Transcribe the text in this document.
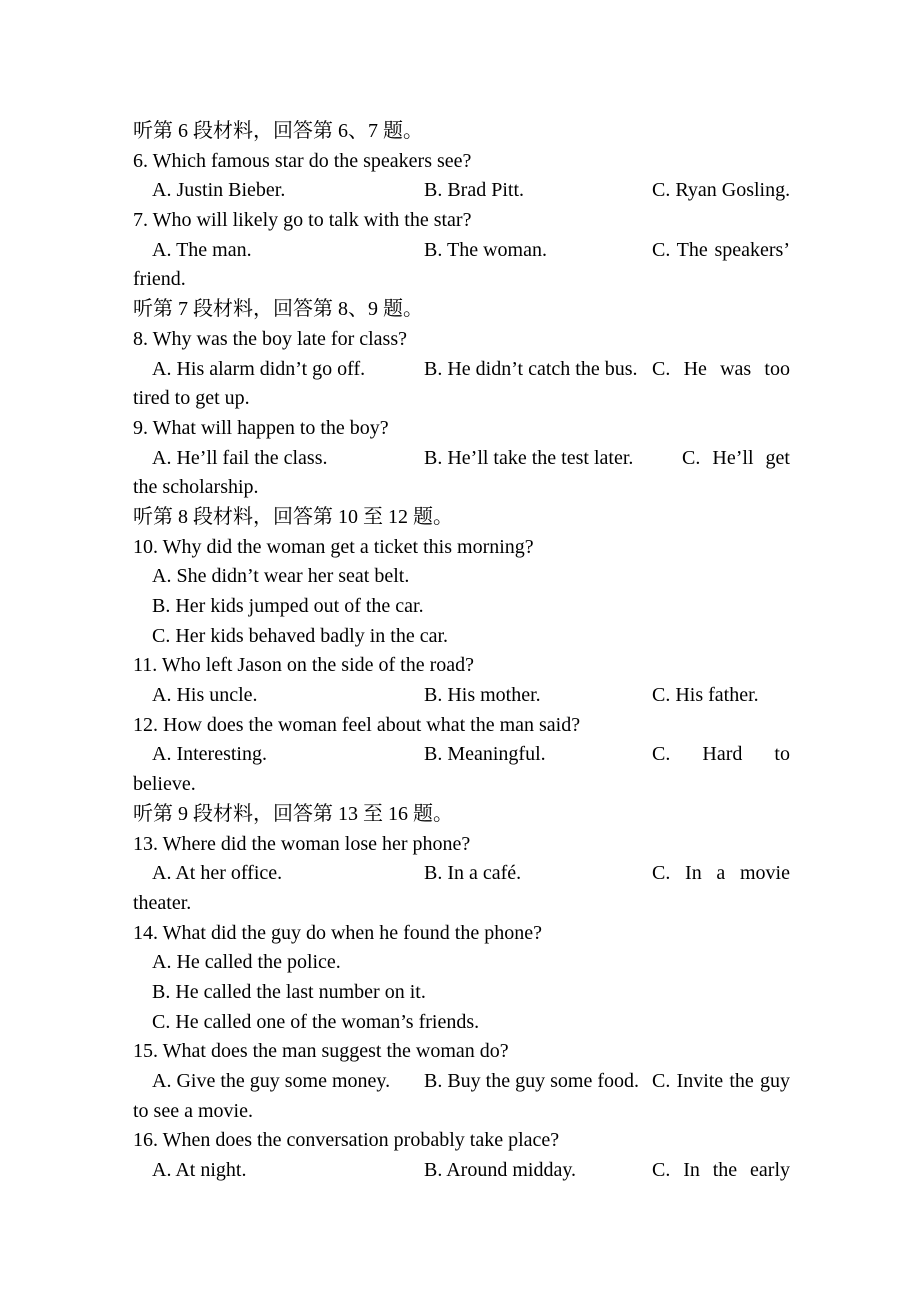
听第 6 段材料，回答第 6、7 题。
6. Which famous star do the speakers see?
A. Justin Bieber.	B. Brad Pitt.	C. Ryan Gosling.
7. Who will likely go to talk with the star?
A. The man.	B. The woman.	C. The speakers’
friend.
听第 7 段材料，回答第 8、9 题。
8. Why was the boy late for class?
A. His alarm didn’t go off.	B. He didn’t catch the bus. C. He was too
tired to get up.
9. What will happen to the boy?
A. He’ll fail the class.	B. He’ll take the test later. C. He’ll get
the scholarship.
听第 8 段材料，回答第 10 至 12 题。
10. Why did the woman get a ticket this morning?
A. She didn’t wear her seat belt.
B. Her kids jumped out of the car.
C. Her kids behaved badly in the car.
11. Who left Jason on the side of the road?
A. His uncle.	B. His mother.	C. His father.
12. How does the woman feel about what the man said?
A. Interesting.	B. Meaningful.	C. Hard to
believe.
听第 9 段材料，回答第 13 至 16 题。
13. Where did the woman lose her phone?
A. At her office.	B. In a café.	C. In a movie
theater.
14. What did the guy do when he found the phone?
A. He called the police.
B. He called the last number on it.
C. He called one of the woman’s friends.
15. What does the man suggest the woman do?
A. Give the guy some money. B. Buy the guy some food. C. Invite the guy
to see a movie.
16. When does the conversation probably take place?
A. At night.	B. Around midday.	C. In the early
